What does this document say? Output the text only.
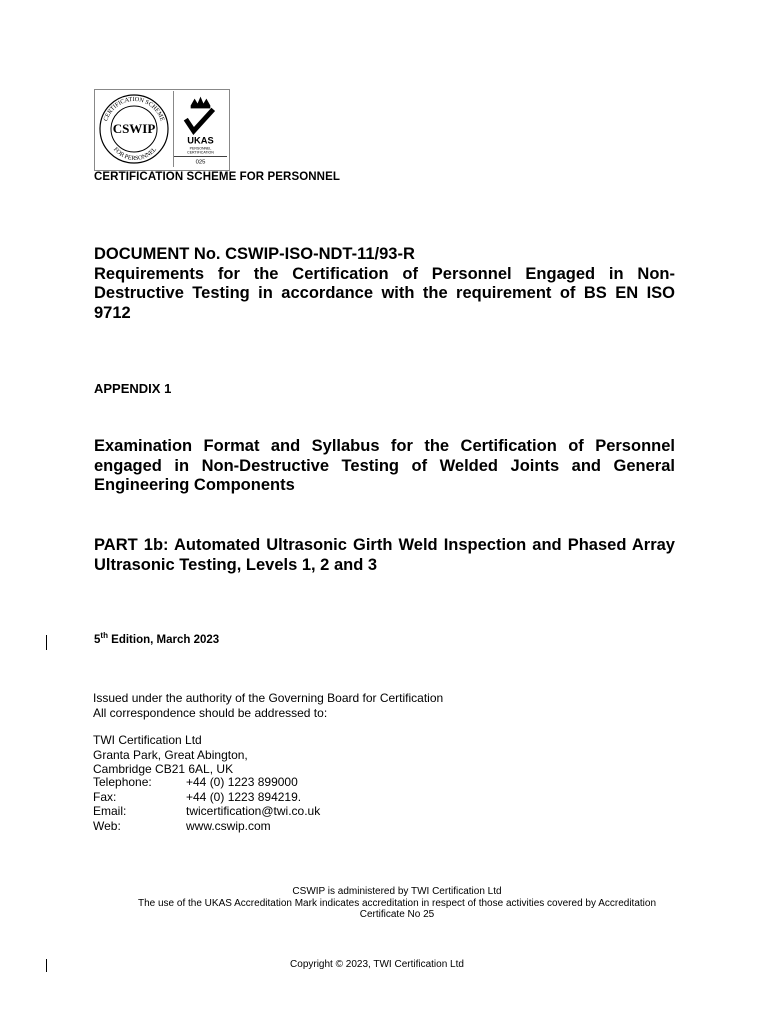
CERTIFICATION SCHEME
FOR PERSONNEL
CSWIP
UKAS
PERSONNEL
CERTIFICATION
025
CERTIFICATION SCHEME FOR PERSONNEL
DOCUMENT No. CSWIP-ISO-NDT-11/93-R
Requirements for the Certification of Personnel Engaged in Non-Destructive Testing in accordance with the requirement of BS EN ISO 9712
APPENDIX 1
Examination Format and Syllabus for the Certification of Personnel engaged in Non-Destructive Testing of Welded Joints and General Engineering Components
PART 1b: Automated Ultrasonic Girth Weld Inspection and Phased Array Ultrasonic Testing, Levels 1, 2 and 3
5th Edition, March 2023
Issued under the authority of the Governing Board for Certification
All correspondence should be addressed to:
TWI Certification Ltd
Granta Park, Great Abington,
Cambridge CB21 6AL, UK
Telephone:	+44 (0) 1223 899000
Fax:	+44 (0) 1223 894219.
Email:	twicertification@twi.co.uk
Web:	www.cswip.com
CSWIP is administered by TWI Certification Ltd
The use of the UKAS Accreditation Mark indicates accreditation in respect of those activities covered by Accreditation
Certificate No 25
Copyright © 2023, TWI Certification Ltd
